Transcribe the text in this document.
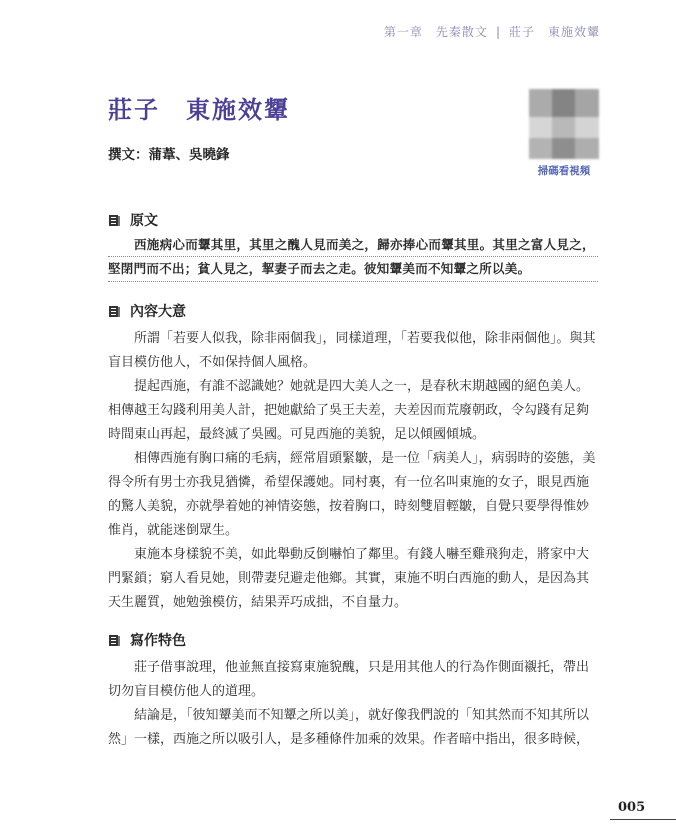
第一章　先秦散文 | 莊子　東施效顰
莊子 東施效顰
撰文：蒲葦、吳曉鋒
掃碼看視頻
原文
西施病心而顰其里，其里之醜人見而美之，歸亦捧心而顰其里。其里之富人見之，
堅閉門而不出；貧人見之，挈妻子而去之走。彼知顰美而不知顰之所以美。
內容大意
所謂「若要人似我，除非兩個我」，同樣道理，「若要我似他，除非兩個他」。與其盲目模仿他人，不如保持個人風格。
提起西施，有誰不認識她？她就是四大美人之一，是春秋末期越國的絕色美人。相傳越王勾踐利用美人計，把她獻給了吳王夫差，夫差因而荒廢朝政，令勾踐有足夠時間東山再起，最終滅了吳國。可見西施的美貌，足以傾國傾城。
相傳西施有胸口痛的毛病，經常眉頭緊皺，是一位「病美人」，病弱時的姿態，美得令所有男士亦我見猶憐，希望保護她。同村裏，有一位名叫東施的女子，眼見西施的驚人美貌，亦就學着她的神情姿態，按着胸口，時刻雙眉輕皺，自覺只要學得惟妙惟肖，就能迷倒眾生。
東施本身樣貌不美，如此舉動反倒嚇怕了鄰里。有錢人嚇至雞飛狗走，將家中大門緊鎖；窮人看見她，則帶妻兒避走他鄉。其實，東施不明白西施的動人，是因為其天生麗質，她勉強模仿，結果弄巧成拙，不自量力。
寫作特色
莊子借事說理，他並無直接寫東施貌醜，只是用其他人的行為作側面襯托，帶出切勿盲目模仿他人的道理。
結論是，「彼知顰美而不知顰之所以美」，就好像我們說的「知其然而不知其所以然」一樣，西施之所以吸引人，是多種條件加乘的效果。作者暗中指出，很多時候，
005
